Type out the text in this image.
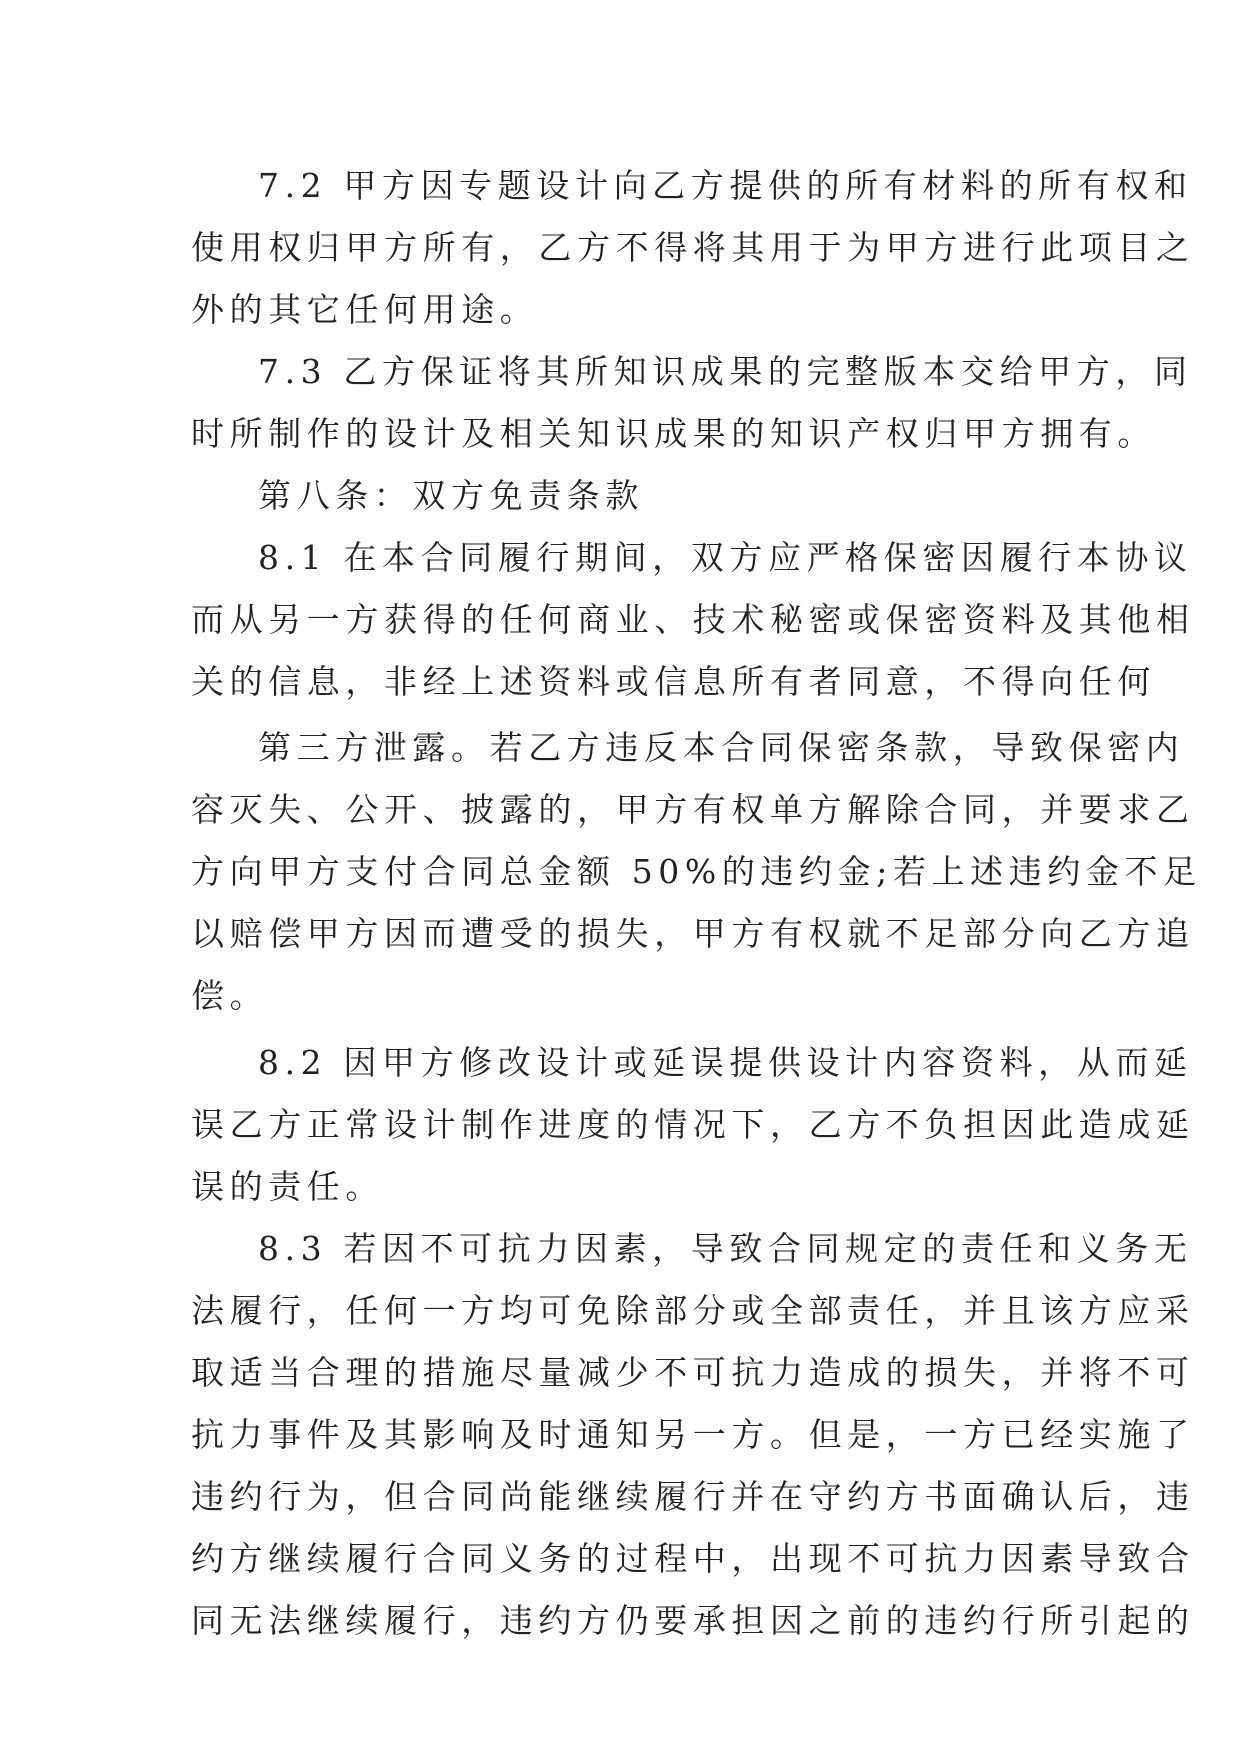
7.2 甲方因专题设计向乙方提供的所有材料的所有权和
使用权归甲方所有，乙方不得将其用于为甲方进行此项目之
外的其它任何用途。
7.3 乙方保证将其所知识成果的完整版本交给甲方，同
时所制作的设计及相关知识成果的知识产权归甲方拥有。
第八条：双方免责条款
8.1 在本合同履行期间，双方应严格保密因履行本协议
而从另一方获得的任何商业、技术秘密或保密资料及其他相
关的信息，非经上述资料或信息所有者同意，不得向任何
第三方泄露。若乙方违反本合同保密条款，导致保密内
容灭失、公开、披露的，甲方有权单方解除合同，并要求乙
方向甲方支付合同总金额 50%的违约金;若上述违约金不足
以赔偿甲方因而遭受的损失，甲方有权就不足部分向乙方追
偿。
8.2 因甲方修改设计或延误提供设计内容资料，从而延
误乙方正常设计制作进度的情况下，乙方不负担因此造成延
误的责任。
8.3 若因不可抗力因素，导致合同规定的责任和义务无
法履行，任何一方均可免除部分或全部责任，并且该方应采
取适当合理的措施尽量减少不可抗力造成的损失，并将不可
抗力事件及其影响及时通知另一方。但是，一方已经实施了
违约行为，但合同尚能继续履行并在守约方书面确认后，违
约方继续履行合同义务的过程中，出现不可抗力因素导致合
同无法继续履行，违约方仍要承担因之前的违约行所引起的
